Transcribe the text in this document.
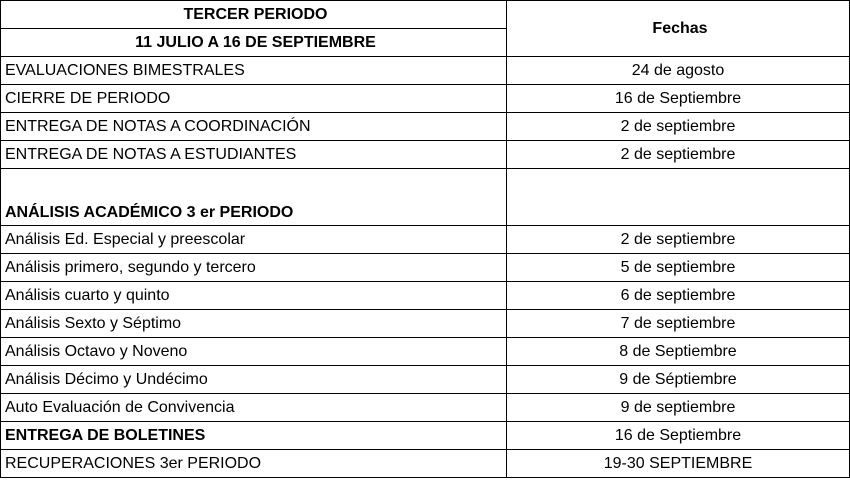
TERCER PERIODO	Fechas
11 JULIO A 16 DE SEPTIEMBRE	
EVALUACIONES BIMESTRALES	24 de agosto
CIERRE DE PERIODO	16 de Septiembre
ENTREGA DE NOTAS A COORDINACIÓN	2 de septiembre
ENTREGA DE NOTAS A ESTUDIANTES	2 de septiembre
ANÁLISIS ACADÉMICO 3 er PERIODO	
Análisis Ed. Especial y preescolar	2 de septiembre
Análisis primero, segundo y tercero	5 de septiembre
Análisis cuarto y quinto	6 de septiembre
Análisis Sexto y Séptimo	7 de septiembre
Análisis Octavo y Noveno	8 de Septiembre
Análisis Décimo y Undécimo	9 de Séptiembre
Auto Evaluación de Convivencia	9 de septiembre
ENTREGA DE BOLETINES	16 de Septiembre
RECUPERACIONES 3er PERIODO	19-30 SEPTIEMBRE
